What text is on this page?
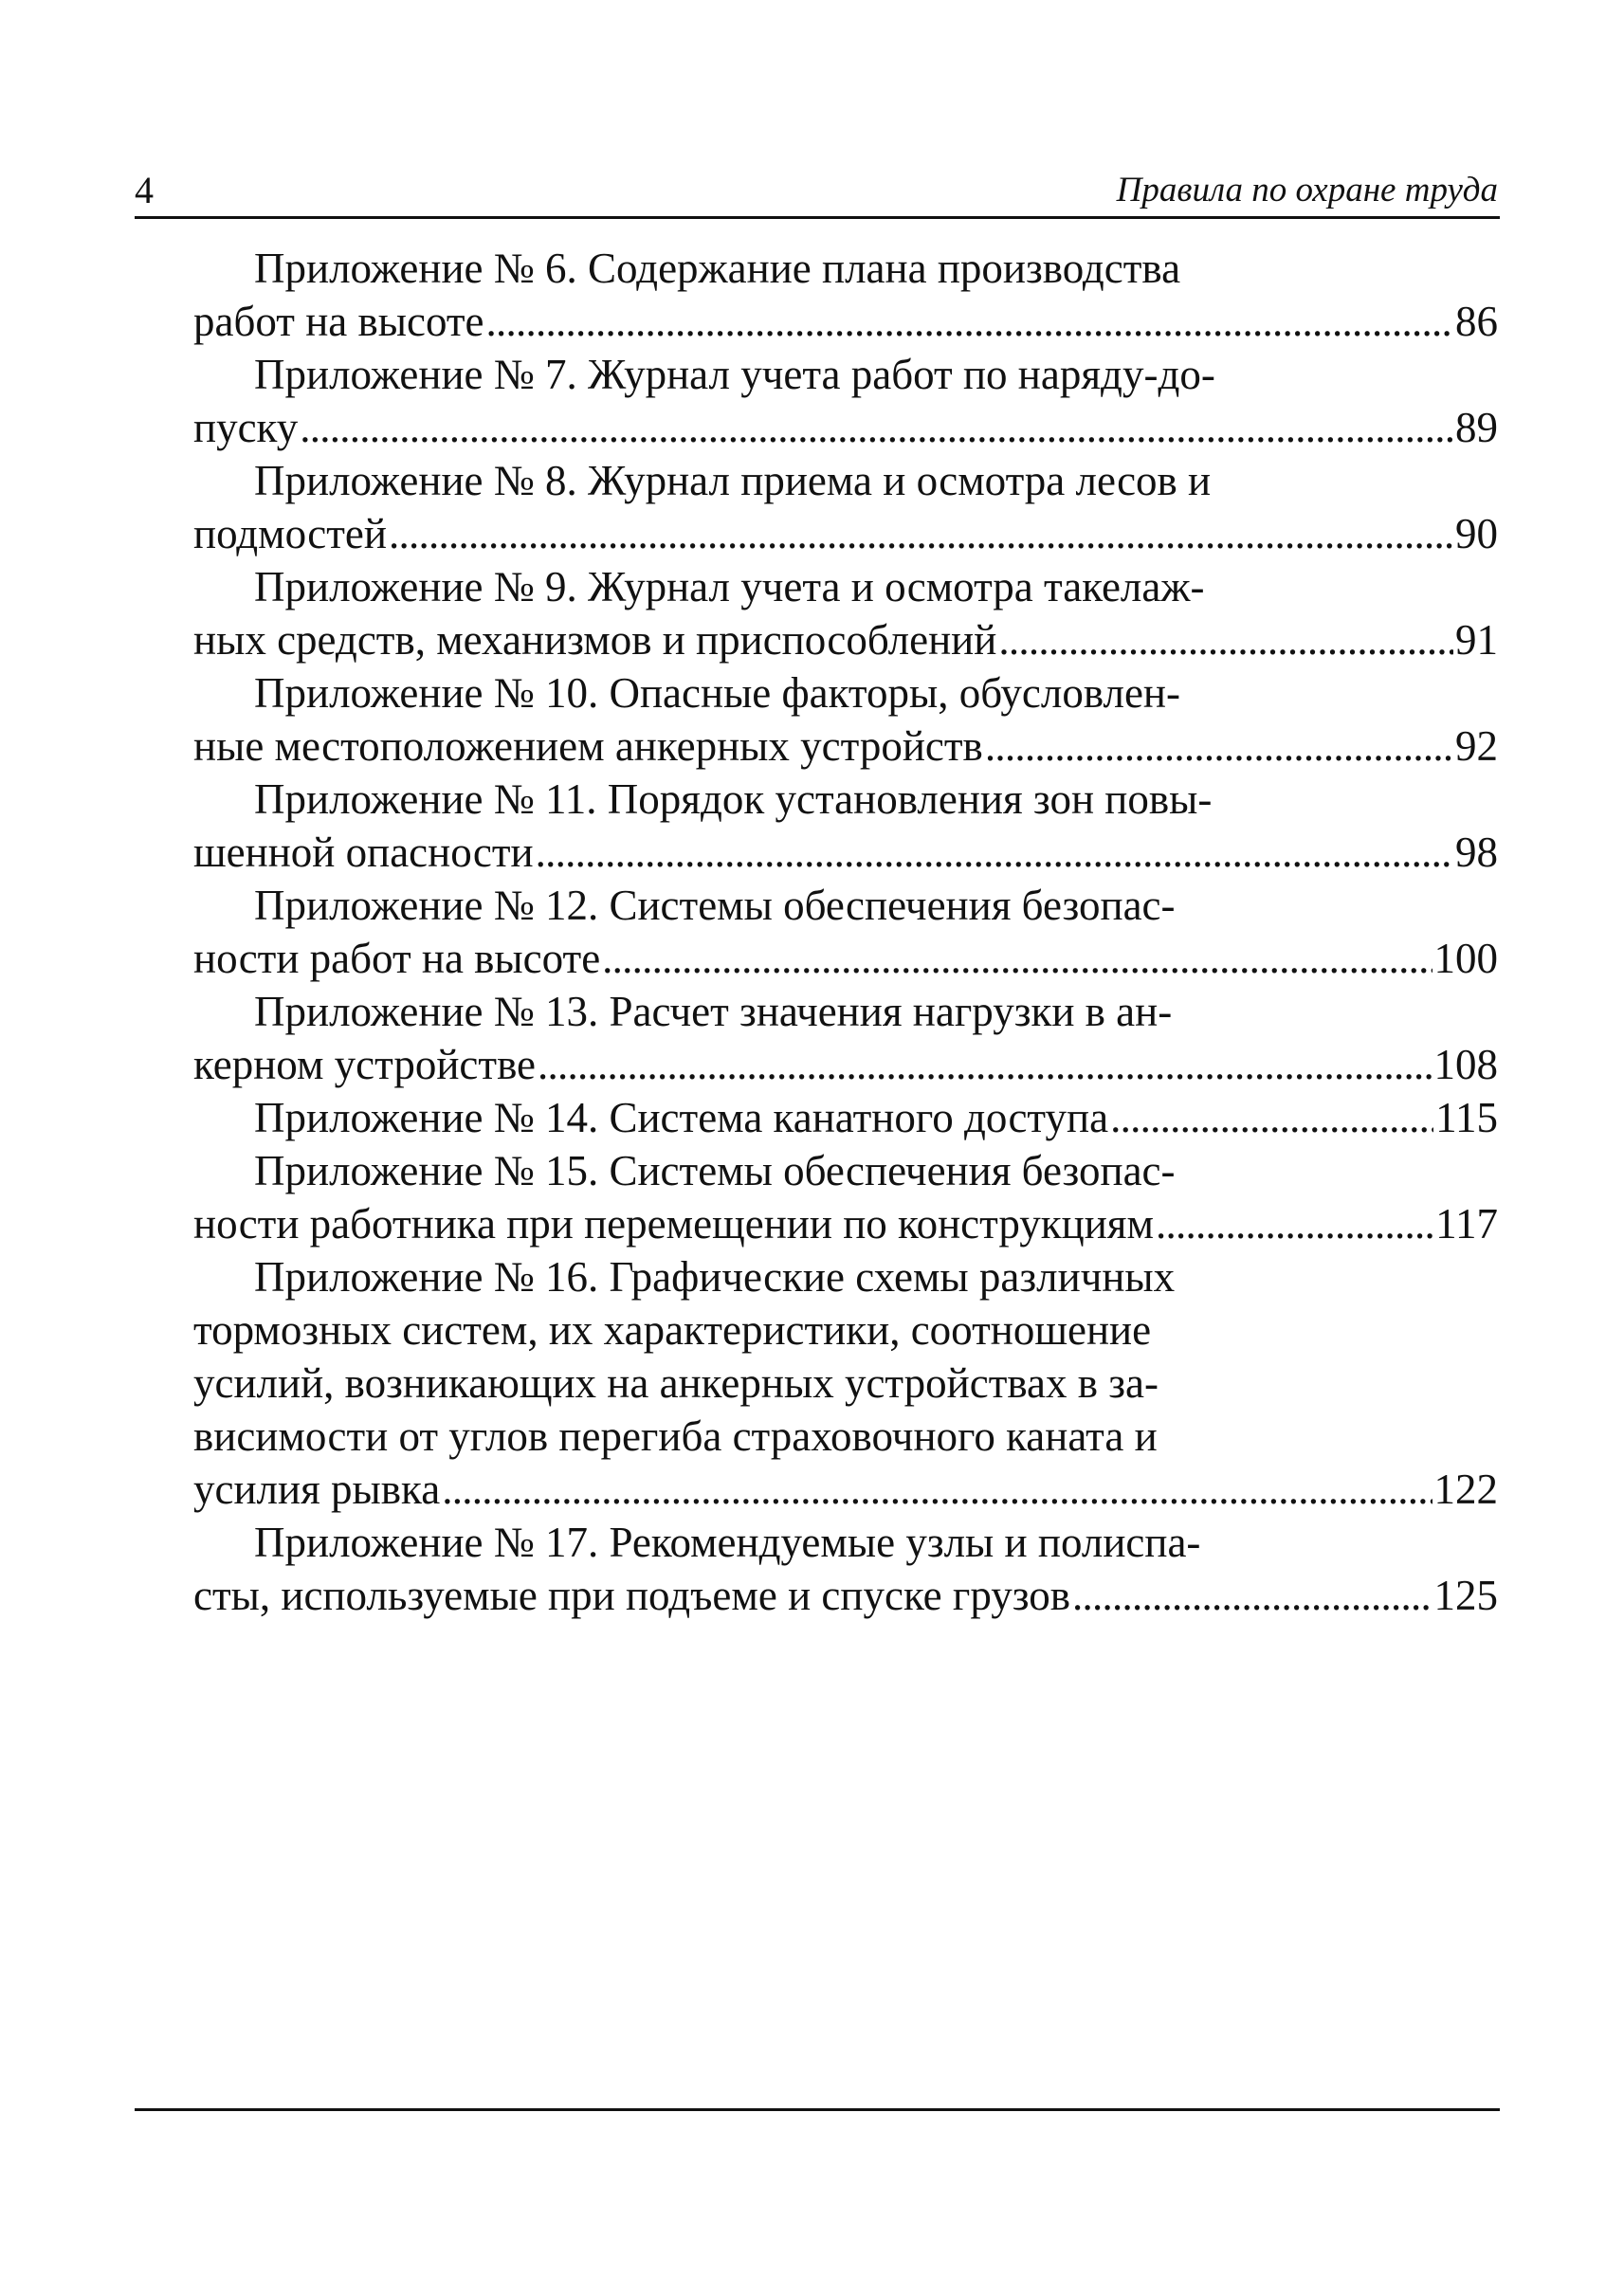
4	Правила по охране труда
Приложение № 6. Содержание плана производства
работ на высоте . . .	86
Приложение № 7. Журнал учета работ по наряду-до-
пуску . . .	89
Приложение № 8. Журнал приема и осмотра лесов и
подмостей . . .	90
Приложение № 9. Журнал учета и осмотра такелаж-
ных средств, механизмов и приспособлений . . .	91
Приложение № 10. Опасные факторы, обусловлен-
ные местоположением анкерных устройств . . .	92
Приложение № 11. Порядок установления зон повы-
шенной опасности . . .	98
Приложение № 12. Системы обеспечения безопас-
ности работ на высоте . . .	100
Приложение № 13. Расчет значения нагрузки в ан-
керном устройстве . . .	108
Приложение № 14. Система канатного доступа . . .	115
Приложение № 15. Системы обеспечения безопас-
ности работника при перемещении по конструкциям . . .	117
Приложение № 16. Графические схемы различных
тормозных систем, их характеристики, соотношение
усилий, возникающих на анкерных устройствах в за-
висимости от углов перегиба страховочного каната и
усилия рывка . . .	122
Приложение № 17. Рекомендуемые узлы и полиспа-
сты, используемые при подъеме и спуске грузов . . .	125
